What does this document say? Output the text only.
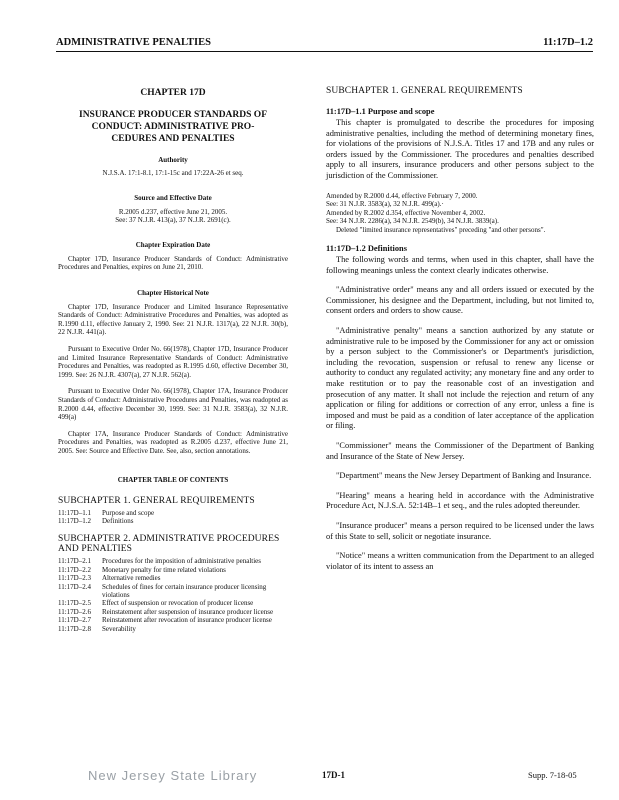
ADMINISTRATIVE PENALTIES	11:17D–1.2
CHAPTER 17D
INSURANCE PRODUCER STANDARDS OF
CONDUCT: ADMINISTRATIVE PRO-
CEDURES AND PENALTIES
Authority
N.J.S.A. 17:1-8.1, 17:1-15c and 17:22A-26 et seq.
Source and Effective Date
R.2005 d.237, effective June 21, 2005.
See: 37 N.J.R. 413(a), 37 N.J.R. 2691(c).
Chapter Expiration Date
Chapter 17D, Insurance Producer Standards of Conduct: Administrative Procedures and Penalties, expires on June 21, 2010.
Chapter Historical Note
Chapter 17D, Insurance Producer and Limited Insurance Representative Standards of Conduct: Administrative Procedures and Penalties, was adopted as R.1990 d.11, effective January 2, 1990. See: 21 N.J.R. 1317(a), 22 N.J.R. 30(b), 22 N.J.R. 441(a).
Pursuant to Executive Order No. 66(1978), Chapter 17D, Insurance Producer and Limited Insurance Representative Standards of Conduct: Administrative Procedures and Penalties, was readopted as R.1995 d.60, effective December 30, 1999. See: 26 N.J.R. 4307(a), 27 N.J.R. 562(a).
Pursuant to Executive Order No. 66(1978), Chapter 17A, Insurance Producer Standards of Conduct: Administrative Procedures and Penalties, was readopted as R.2000 d.44, effective December 30, 1999. See: 31 N.J.R. 3583(a), 32 N.J.R. 499(a)
Chapter 17A, Insurance Producer Standards of Conduct: Administrative Procedures and Penalties, was readopted as R.2005 d.237, effective June 21, 2005. See: Source and Effective Date. See, also, section annotations.
CHAPTER TABLE OF CONTENTS
SUBCHAPTER 1. GENERAL REQUIREMENTS
11:17D–1.1 Purpose and scope
11:17D–1.2 Definitions
SUBCHAPTER 2. ADMINISTRATIVE PROCEDURES
AND PENALTIES
11:17D–2.1 Procedures for the imposition of administrative penalties
11:17D–2.2 Monetary penalty for time related violations
11:17D–2.3 Alternative remedies
11:17D–2.4 Schedules of fines for certain insurance producer licensing violations
11:17D–2.5 Effect of suspension or revocation of producer license
11:17D–2.6 Reinstatement after suspension of insurance producer license
11:17D–2.7 Reinstatement after revocation of insurance producer license
11:17D–2.8 Severability
SUBCHAPTER 1. GENERAL REQUIREMENTS
11:17D–1.1 Purpose and scope
This chapter is promulgated to describe the procedures for imposing administrative penalties, including the method of determining monetary fines, for violations of the provisions of N.J.S.A. Titles 17 and 17B and any rules or orders issued by the Commissioner. The procedures and penalties described apply to all insurers, insurance producers and other persons subject to the jurisdiction of the Commissioner.
Amended by R.2000 d.44, effective February 7, 2000.
See: 31 N.J.R. 3583(a), 32 N.J.R. 499(a).·
Amended by R.2002 d.354, effective November 4, 2002.
See: 34 N.J.R. 2286(a), 34 N.J.R. 2549(b), 34 N.J.R. 3839(a).
Deleted "limited insurance representatives" preceding "and other persons".
11:17D–1.2 Definitions
The following words and terms, when used in this chapter, shall have the following meanings unless the context clearly indicates otherwise.
"Administrative order" means any and all orders issued or executed by the Commissioner, his designee and the Department, including, but not limited to, consent orders and orders to show cause.
"Administrative penalty" means a sanction authorized by any statute or administrative rule to be imposed by the Commissioner for any act or omission by a person subject to the Commissioner's or Department's jurisdiction, including the revocation, suspension or refusal to renew any license or authority to conduct any regulated activity; any monetary fine and any order to make restitution or to pay the reasonable cost of an investigation and prosecution of any matter. It shall not include the rejection and return of any application or filing for additions or correction of any error, unless a fine is imposed and must be paid as a condition of later acceptance of the application or filing.
"Commissioner" means the Commissioner of the Department of Banking and Insurance of the State of New Jersey.
"Department" means the New Jersey Department of Banking and Insurance.
"Hearing" means a hearing held in accordance with the Administrative Procedure Act, N.J.S.A. 52:14B–1 et seq., and the rules adopted thereunder.
"Insurance producer" means a person required to be licensed under the laws of this State to sell, solicit or negotiate insurance.
"Notice" means a written communication from the Department to an alleged violator of its intent to assess an
New Jersey State Library	17D-1	Supp. 7-18-05
